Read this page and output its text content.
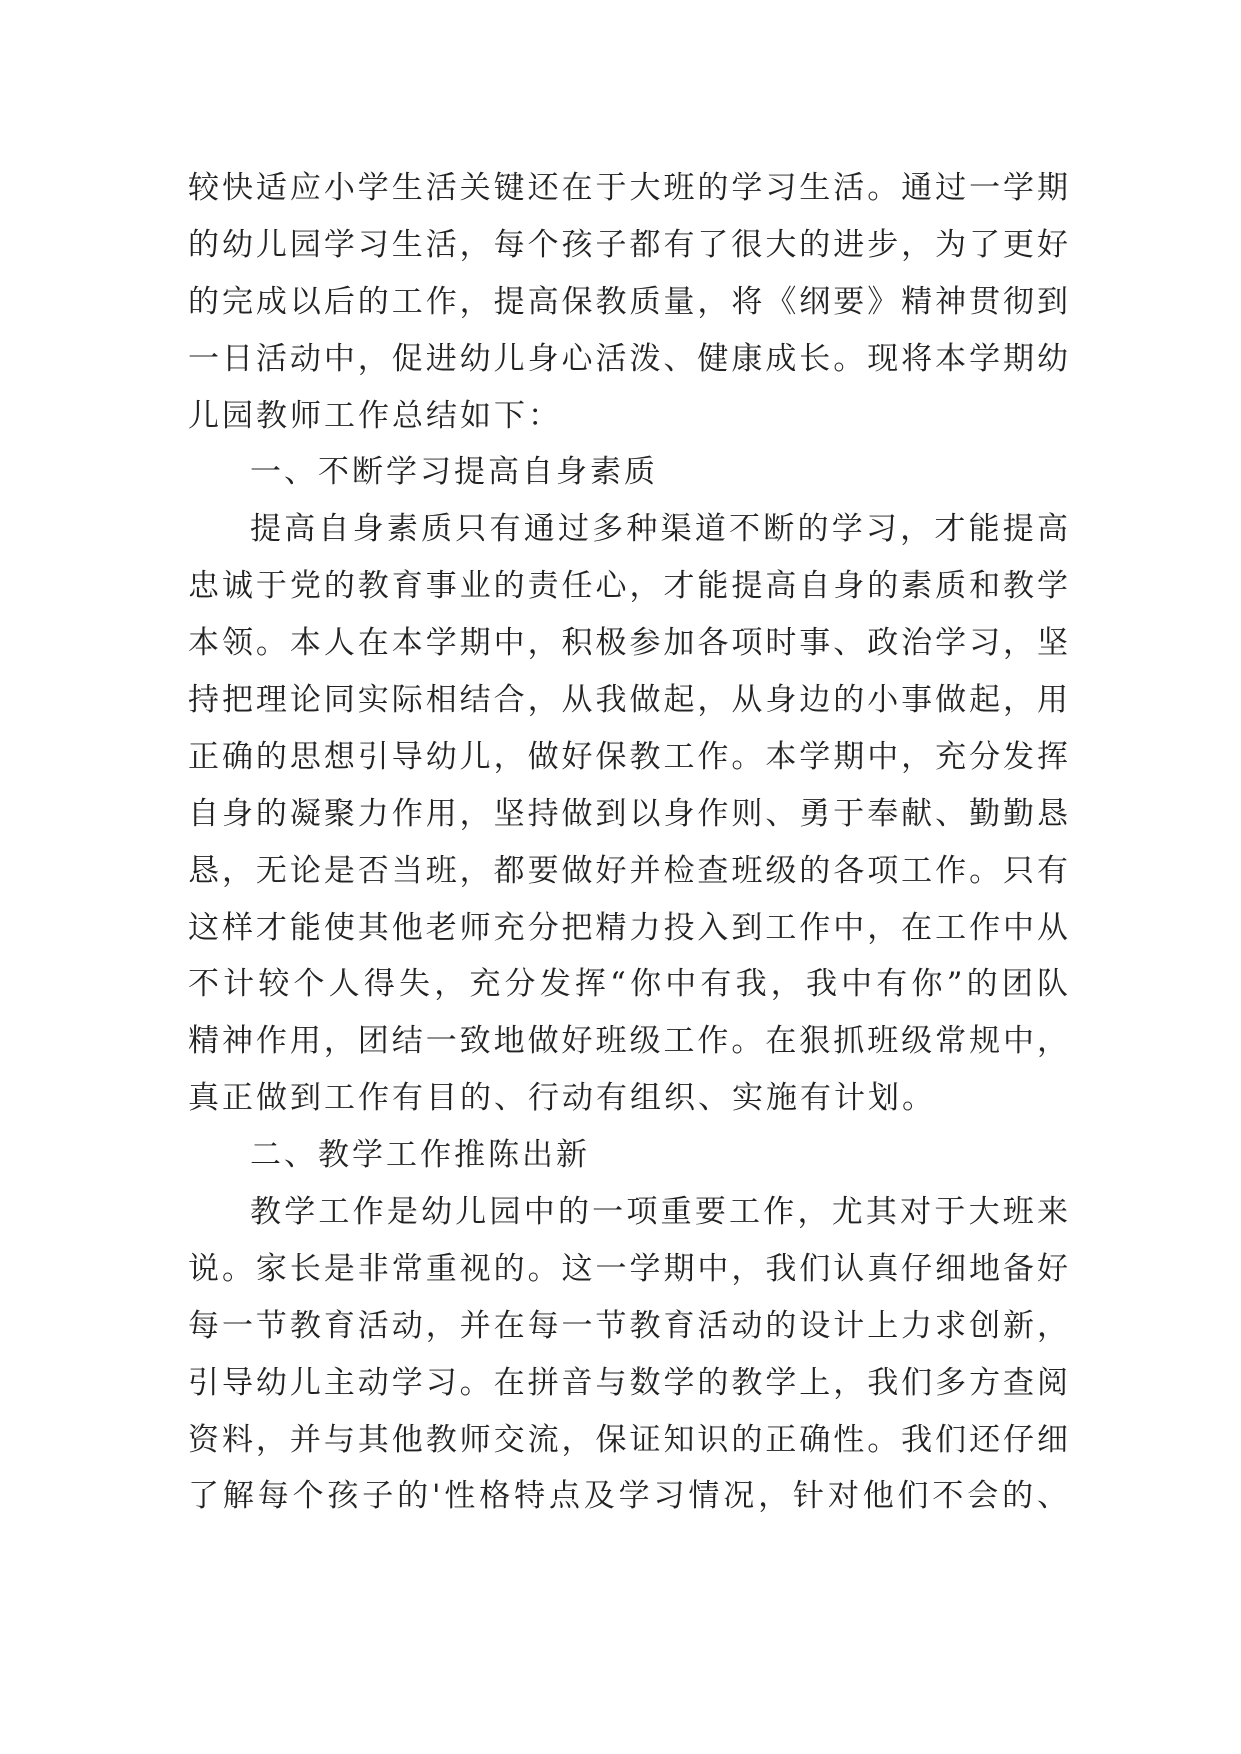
较快适应小学生活关键还在于大班的学习生活。通过一学期
的幼儿园学习生活，每个孩子都有了很大的进步，为了更好
的完成以后的工作，提高保教质量，将《纲要》精神贯彻到
一日活动中，促进幼儿身心活泼、健康成长。现将本学期幼
儿园教师工作总结如下：
一、不断学习提高自身素质
提高自身素质只有通过多种渠道不断的学习，才能提高
忠诚于党的教育事业的责任心，才能提高自身的素质和教学
本领。本人在本学期中，积极参加各项时事、政治学习，坚
持把理论同实际相结合，从我做起，从身边的小事做起，用
正确的思想引导幼儿，做好保教工作。本学期中，充分发挥
自身的凝聚力作用，坚持做到以身作则、勇于奉献、勤勤恳
恳，无论是否当班，都要做好并检查班级的各项工作。只有
这样才能使其他老师充分把精力投入到工作中，在工作中从
不计较个人得失，充分发挥“你中有我，我中有你”的团队
精神作用，团结一致地做好班级工作。在狠抓班级常规中，
真正做到工作有目的、行动有组织、实施有计划。
二、教学工作推陈出新
教学工作是幼儿园中的一项重要工作，尤其对于大班来
说。家长是非常重视的。这一学期中，我们认真仔细地备好
每一节教育活动，并在每一节教育活动的设计上力求创新，
引导幼儿主动学习。在拼音与数学的教学上，我们多方查阅
资料，并与其他教师交流，保证知识的正确性。我们还仔细
了解每个孩子的'性格特点及学习情况，针对他们不会的、
